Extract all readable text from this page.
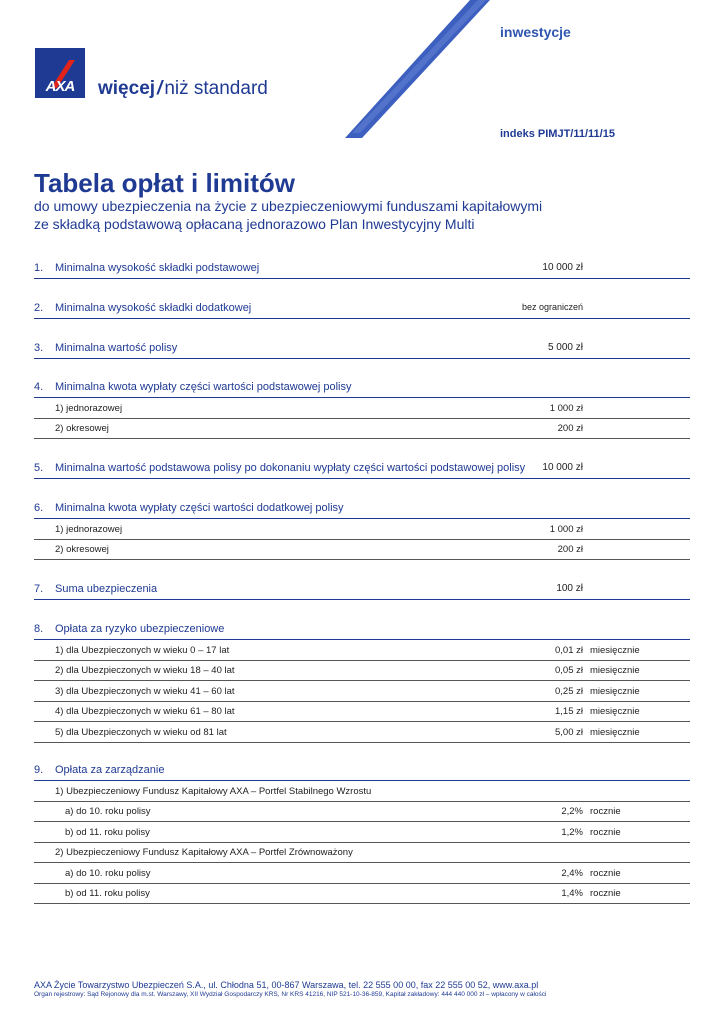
AXA	więcej / niż standard
inwestycje
indeks PIMJT/11/11/15
Tabela opłat i limitów
do umowy ubezpieczenia na życie z ubezpieczeniowymi funduszami kapitałowymi
ze składką podstawową opłacaną jednorazowo Plan Inwestycyjny Multi
1. Minimalna wysokość składki podstawowej	10 000 zł
2. Minimalna wysokość składki dodatkowej	bez ograniczeń
3. Minimalna wartość polisy	5 000 zł
4. Minimalna kwota wypłaty części wartości podstawowej polisy
1) jednorazowej	1 000 zł
2) okresowej	200 zł
5. Minimalna wartość podstawowa polisy po dokonaniu wypłaty części wartości podstawowej polisy 10 000 zł
6. Minimalna kwota wypłaty części wartości dodatkowej polisy
1) jednorazowej	1 000 zł
2) okresowej	200 zł
7. Suma ubezpieczenia	100 zł
8. Opłata za ryzyko ubezpieczeniowe
1) dla Ubezpieczonych w wieku 0 – 17 lat	0,01 zł miesięcznie
2) dla Ubezpieczonych w wieku 18 – 40 lat	0,05 zł miesięcznie
3) dla Ubezpieczonych w wieku 41 – 60 lat	0,25 zł miesięcznie
4) dla Ubezpieczonych w wieku 61 – 80 lat	1,15 zł miesięcznie
5) dla Ubezpieczonych w wieku od 81 lat	5,00 zł miesięcznie
9. Opłata za zarządzanie
1) Ubezpieczeniowy Fundusz Kapitałowy AXA – Portfel Stabilnego Wzrostu
a) do 10. roku polisy	2,2% rocznie
b) od 11. roku polisy	1,2% rocznie
2) Ubezpieczeniowy Fundusz Kapitałowy AXA – Portfel Zrównoważony
a) do 10. roku polisy	2,4% rocznie
b) od 11. roku polisy	1,4% rocznie
AXA Życie Towarzystwo Ubezpieczeń S.A., ul. Chłodna 51, 00-867 Warszawa, tel. 22 555 00 00, fax 22 555 00 52, www.axa.pl
Organ rejestrowy: Sąd Rejonowy dla m.st. Warszawy, XII Wydział Gospodarczy KRS, Nr KRS 41216, NIP 521-10-36-859, Kapitał zakładowy: 444 440 000 zł – wpłacony w całości
